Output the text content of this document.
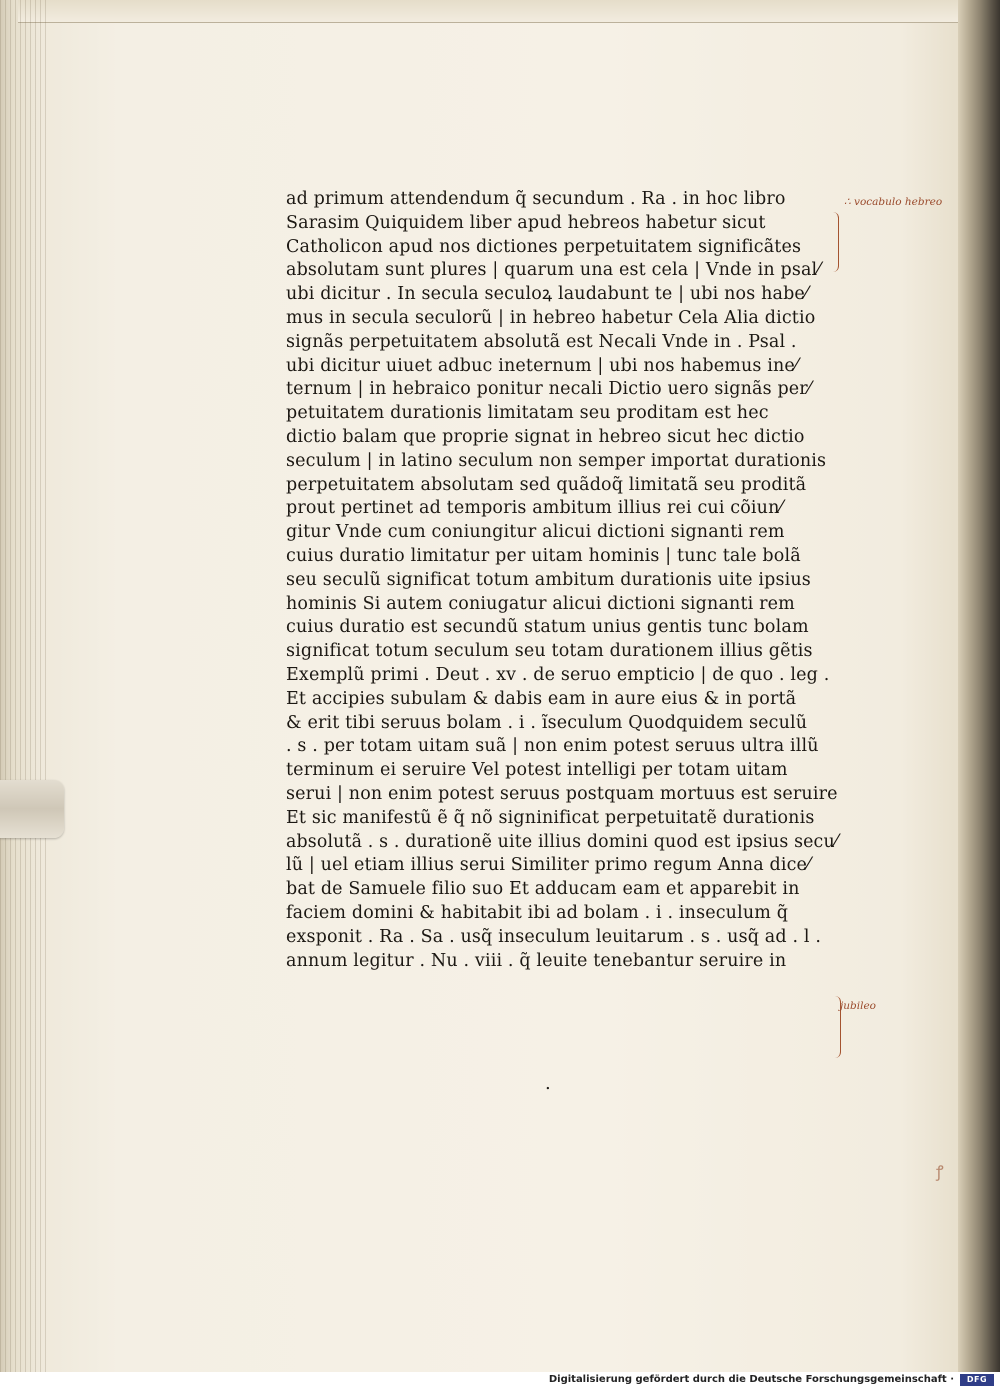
ad primum attendendum q̃ secundum . Ra . in hoc libro
Sarasim Quiquidem liber apud hebreos habetur sicut
Catholicon apud nos dictiones perpetuitatem significãtes
absolutam sunt plures | quarum una est cela | Vnde in psal⁄
ubi dicitur . In secula seculoꝝ laudabunt te | ubi nos habe⁄
mus in secula seculorũ | in hebreo habetur Cela Alia dictio
signãs perpetuitatem absolutã est Necali Vnde in . Psal .
ubi dicitur uiuet adbuc ineternum | ubi nos habemus ine⁄
ternum | in hebraico ponitur necali Dictio uero signãs per⁄
petuitatem durationis limitatam seu proditam est hec
dictio balam que proprie signat in hebreo sicut hec dictio
seculum | in latino seculum non semper importat durationis
perpetuitatem absolutam sed quãdoq̃ limitatã seu proditã
prout pertinet ad temporis ambitum illius rei cui cõiun⁄
gitur Vnde cum coniungitur alicui dictioni signanti rem
cuius duratio limitatur per uitam hominis | tunc tale bolã
seu seculũ significat totum ambitum durationis uite ipsius
hominis Si autem coniugatur alicui dictioni signanti rem
cuius duratio est secundũ statum unius gentis tunc bolam
significat totum seculum seu totam durationem illius gẽtis
Exemplũ primi . Deut . xv . de seruo empticio | de quo . leg .
Et accipies subulam & dabis eam in aure eius & in portã
& erit tibi seruus bolam . i . ĩseculum Quodquidem seculũ
. s . per totam uitam suã | non enim potest seruus ultra illũ
terminum ei seruire Vel potest intelligi per totam uitam
serui | non enim potest seruus postquam mortuus est seruire
Et sic manifestũ ẽ q̃ nõ signinificat perpetuitatẽ durationis
absolutã . s . durationẽ uite illius domini quod est ipsius secu⁄
lũ | uel etiam illius serui Similiter primo regum Anna dice⁄
bat de Samuele filio suo Et adducam eam et apparebit in
faciem domini & habitabit ibi ad bolam . i . inseculum q̃
exsponit . Ra . Sa . usq̃ inseculum leuitarum . s . usq̃ ad . l .
annum legitur . Nu . viii . q̃ leuite tenebantur seruire in
.
∴ vocabulo hebreo
jubileo
ꝭ
Digitalisierung gefördert durch die Deutsche Forschungsgemeinschaft ·	DFG
